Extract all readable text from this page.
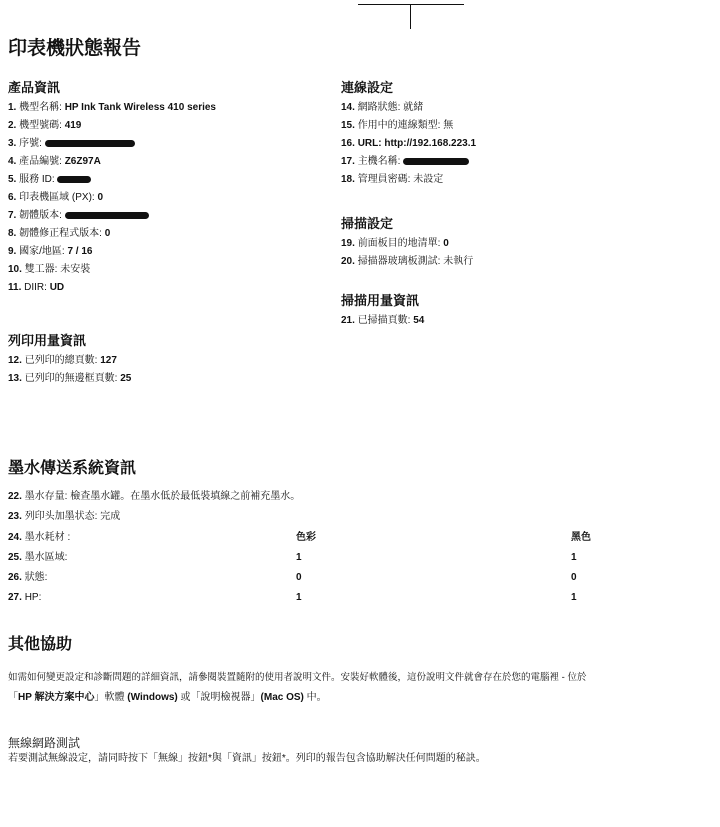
印表機狀態報告
產品資訊
1. 機型名稱: HP Ink Tank Wireless 410 series
2. 機型號碼: 419
3. 序號:
4. 產品編號: Z6Z97A
5. 服務 ID:
6. 印表機區域 (PX): 0
7. 韌體版本:
8. 韌體修正程式版本: 0
9. 國家/地區: 7 / 16
10. 雙工器: 未安裝
11. DIIR: UD
列印用量資訊
12. 已列印的總頁數: 127
13. 已列印的無邊框頁數: 25
連線設定
14. 網路狀態: 就緒
15. 作用中的連線類型: 無
16. URL: http://192.168.223.1
17. 主機名稱:
18. 管理員密碼: 未設定
掃描設定
19. 前面板目的地清單: 0
20. 掃描器玻璃板測試: 未執行
掃描用量資訊
21. 已掃描頁數: 54
墨水傳送系統資訊
22. 墨水存量: 檢查墨水罐。在墨水低於最低裝填線之前補充墨水。
23. 列印头加墨状态: 完成
24. 墨水耗材 :	色彩	黑色
25. 墨水區域:	1	1
26. 狀態:	0	0
27. HP:	1	1
其他協助
如需如何變更設定和診斷問題的詳細資訊，請參閱裝置隨附的使用者說明文件。安裝好軟體後，這份說明文件就會存在於您的電腦裡 - 位於
「HP 解決方案中心」軟體 (Windows) 或「說明檢視器」(Mac OS) 中。
無線網路測試
若要測試無線設定，請同時按下「無線」按鈕*與「資訊」按鈕*。列印的報告包含協助解決任何問題的秘訣。
